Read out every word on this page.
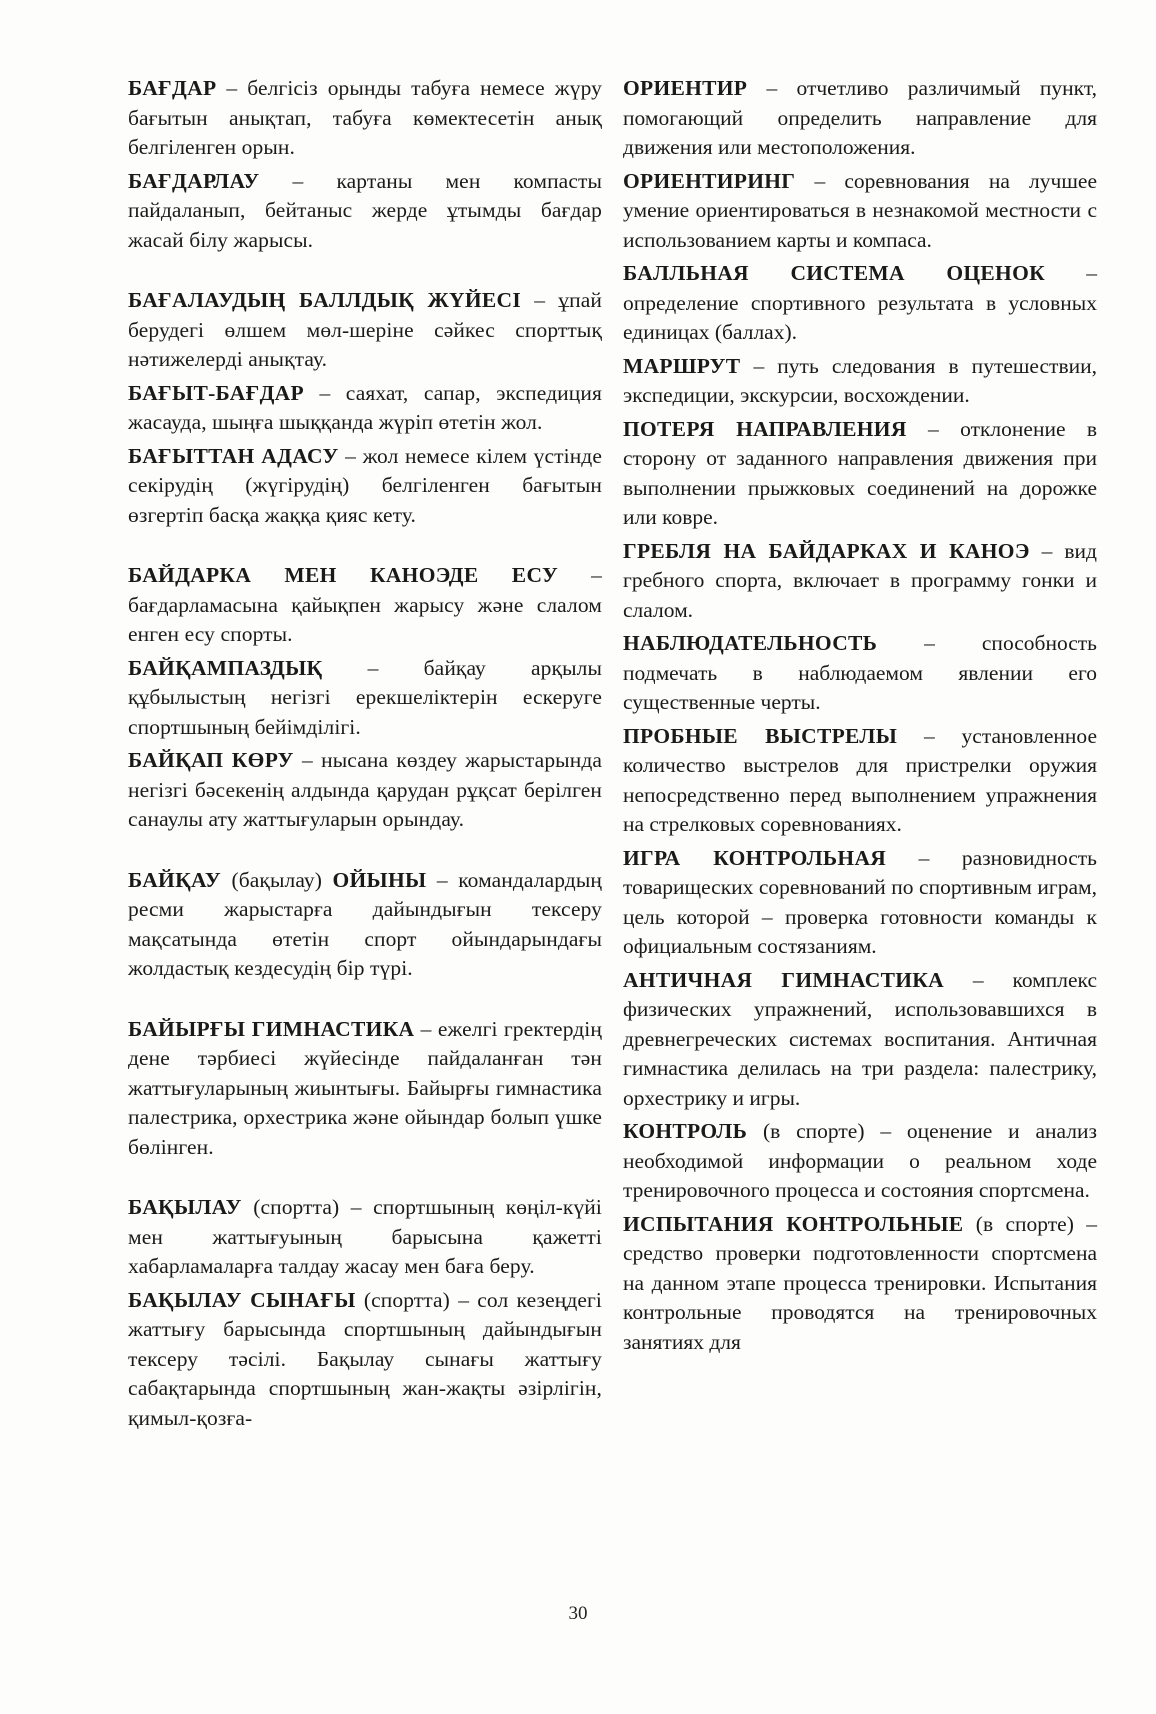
БАҒДАР – белгісіз орынды табуға немесе жүру бағытын анықтап, табуға көмектесетін анық белгіленген орын.

БАҒДАРЛАУ – картаны мен компасты пайдаланып, бейтаныс жерде ұтымды бағдар жасай білу жарысы.

БАҒАЛАУДЫҢ БАЛЛДЫҚ ЖҮЙЕСІ – ұпай берудегі өлшем мөл-шеріне сәйкес спорттық нәтижелерді анықтау.

БАҒЫТ-БАҒДАР – саяхат, сапар, экспедиция жасауда, шыңға шыққанда жүріп өтетін жол.

БАҒЫТТАН АДАСУ – жол немесе кілем үстінде секірудің (жүгірудің) белгіленген бағытын өзгертіп басқа жаққа қияс кету.

БАЙДАРКА МЕН КАНОЭДЕ ЕСУ – бағдарламасына қайықпен жарысу және слалом енген есу спорты.

БАЙҚАМПАЗДЫҚ – байқау арқылы құбылыстың негізгі ерекшеліктерін ескеруге спортшының бейімділігі.

БАЙҚАП КӨРУ – нысана көздеу жарыстарында негізгі бәсекенің алдында қарудан рұқсат берілген санаулы ату жаттығуларын орындау.

БАЙҚАУ (бақылау) ОЙЫНЫ – командалардың ресми жарыстарға дайындығын тексеру мақсатында өтетін спорт ойындарындағы жолдастық кездесудің бір түрі.

БАЙЫРҒЫ ГИМНАСТИКА – ежелгі гректердің дене тәрбиесі жүйесінде пайдаланған тән жаттығуларының жиынтығы. Байырғы гимнастика палестрика, орхестрика және ойындар болып үшке бөлінген.

БАҚЫЛАУ (спортта) – спортшының көңіл-күйі мен жаттығуының барысына қажетті хабарламаларға талдау жасау мен баға беру.

БАҚЫЛАУ СЫНАҒЫ (спортта) – сол кезеңдегі жаттығу барысында спортшының дайындығын тексеру тәсілі. Бақылау сынағы жаттығу сабақтарында спортшының жан-жақты әзірлігін, қимыл-қозға-

ОРИЕНТИР – отчетливо различимый пункт, помогающий определить направление для движения или местоположения.

ОРИЕНТИРИНГ – соревнования на лучшее умение ориентироваться в незнакомой местности с использованием карты и компаса.

БАЛЛЬНАЯ СИСТЕМА ОЦЕНОК – определение спортивного результата в условных единицах (баллах).

МАРШРУТ – путь следования в путешествии, экспедиции, экскурсии, восхождении.

ПОТЕРЯ НАПРАВЛЕНИЯ – отклонение в сторону от заданного направления движения при выполнении прыжковых соединений на дорожке или ковре.

ГРЕБЛЯ НА БАЙДАРКАХ И КАНОЭ – вид гребного спорта, включает в программу гонки и слалом.

НАБЛЮДАТЕЛЬНОСТЬ – способность подмечать в наблюдаемом явлении его существенные черты.

ПРОБНЫЕ ВЫСТРЕЛЫ – установленное количество выстрелов для пристрелки оружия непосредственно перед выполнением упражнения на стрелковых соревнованиях.

ИГРА КОНТРОЛЬНАЯ – разновидность товарищеских соревнований по спортивным играм, цель которой – проверка готовности команды к официальным состязаниям.

АНТИЧНАЯ ГИМНАСТИКА – комплекс физических упражнений, использовавшихся в древнегреческих системах воспитания. Античная гимнастика делилась на три раздела: палестрику, орхестрику и игры.

КОНТРОЛЬ (в спорте) – оценение и анализ необходимой информации о реальном ходе тренировочного процесса и состояния спортсмена.

ИСПЫТАНИЯ КОНТРОЛЬНЫЕ (в спорте) – средство проверки подготовленности спортсмена на данном этапе процесса тренировки. Испытания контрольные проводятся на тренировочных занятиях для

30
